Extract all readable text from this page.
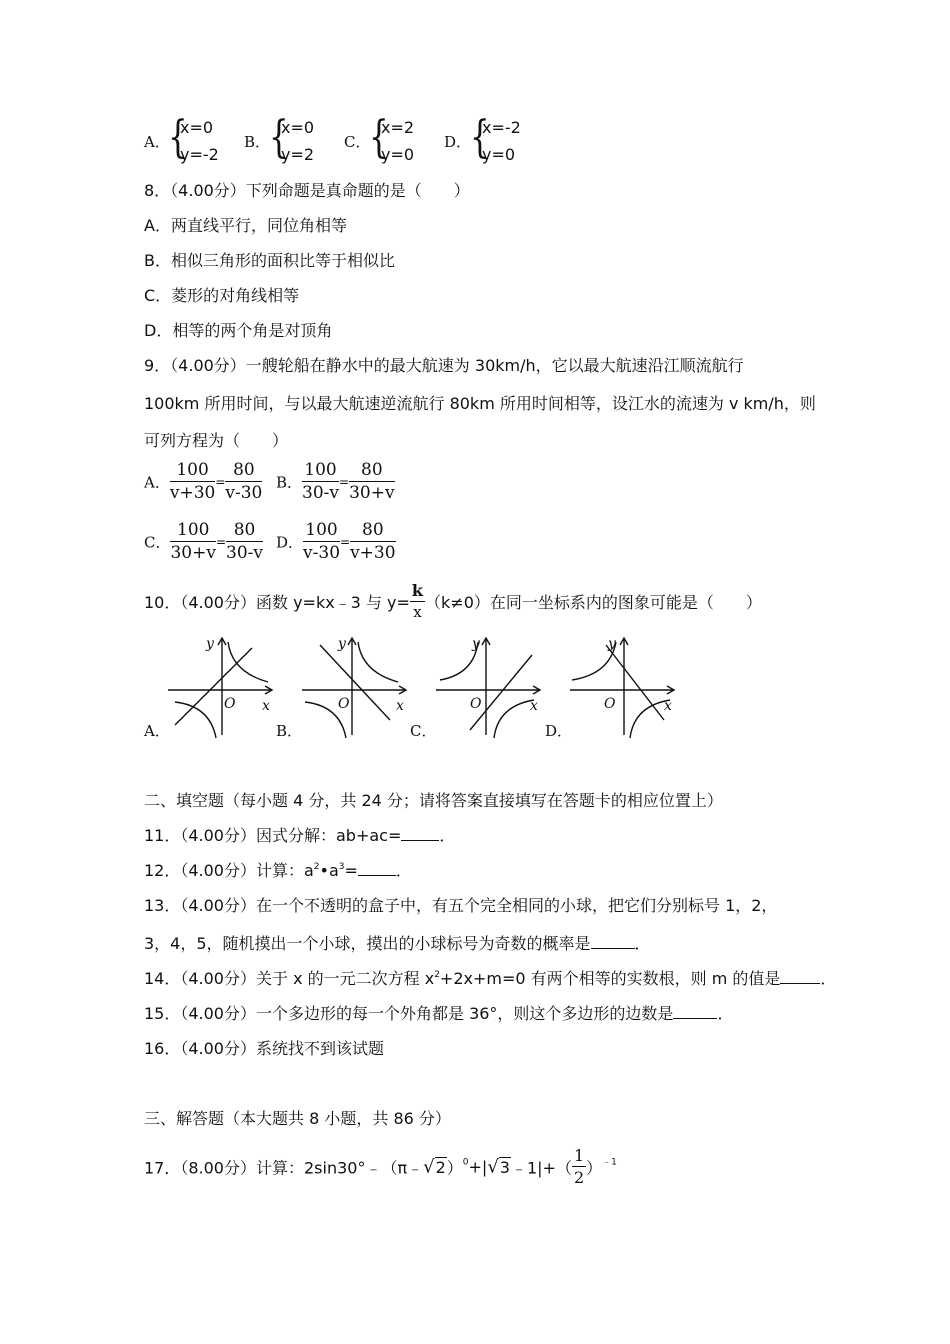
A．
{
x=0
y=-2
B．
{
x=0
y=2
C．
{
x=2
y=0
D．
{
x=-2
y=0
8．（4.00分）下列命题是真命题的是（　　）
A．两直线平行，同位角相等
B．相似三角形的面积比等于相似比
C．菱形的对角线相等
D．相等的两个角是对顶角
9．（4.00分）一艘轮船在静水中的最大航速为 30km/h，它以最大航速沿江顺流航行
100km 所用时间，与以最大航速逆流航行 80km 所用时间相等，设江水的流速为 v km/h，则
可列方程为（　　）
A． $\frac{100}{v+30} = \frac{80}{v-30}$ B． $\frac{100}{30-v} = \frac{80}{30+v}$
C． $\frac{100}{30+v} = \frac{80}{30-v}$ D． $\frac{100}{v-30} = \frac{80}{v+30}$
10．（4.00分）函数 y=kx﹣3 与 $y= \frac{k}{x} (k\ne 0)$在同一坐标系内的图象可能是（　　）
y
O x
y
O	x
y
O	x
y
O	x
A．	B．	C．	D．
二、填空题（每小题 4 分，共 24 分；请将答案直接填写在答题卡的相应位置上）
11．（4.00分）因式分解：ab+ac= ．
12．（4.00分）计算：$a^2•a^3=$ ．
13．（4.00分）在一个不透明的盒子中，有五个完全相同的小球，把它们分别标号 1，2，
3，4，5，随机摸出一个小球，摸出的小球标号为奇数的概率是	．
14．（4.00分）关于 x 的一元二次方程 $x^2+2x+m=0$ 有两个相等的实数根，则 m 的值是	．
15．（4.00分）一个多边形的每一个外角都是 36°，则这个多边形的边数是	．
16．（4.00分）系统找不到该试题
三、解答题（本大题共 8 小题，共 86 分）
17．（8.00分）计算：2sin30°﹣（π﹣√2）$^0$+|√3﹣1|+（ $\frac{1}{2} )^{﹣1}$
